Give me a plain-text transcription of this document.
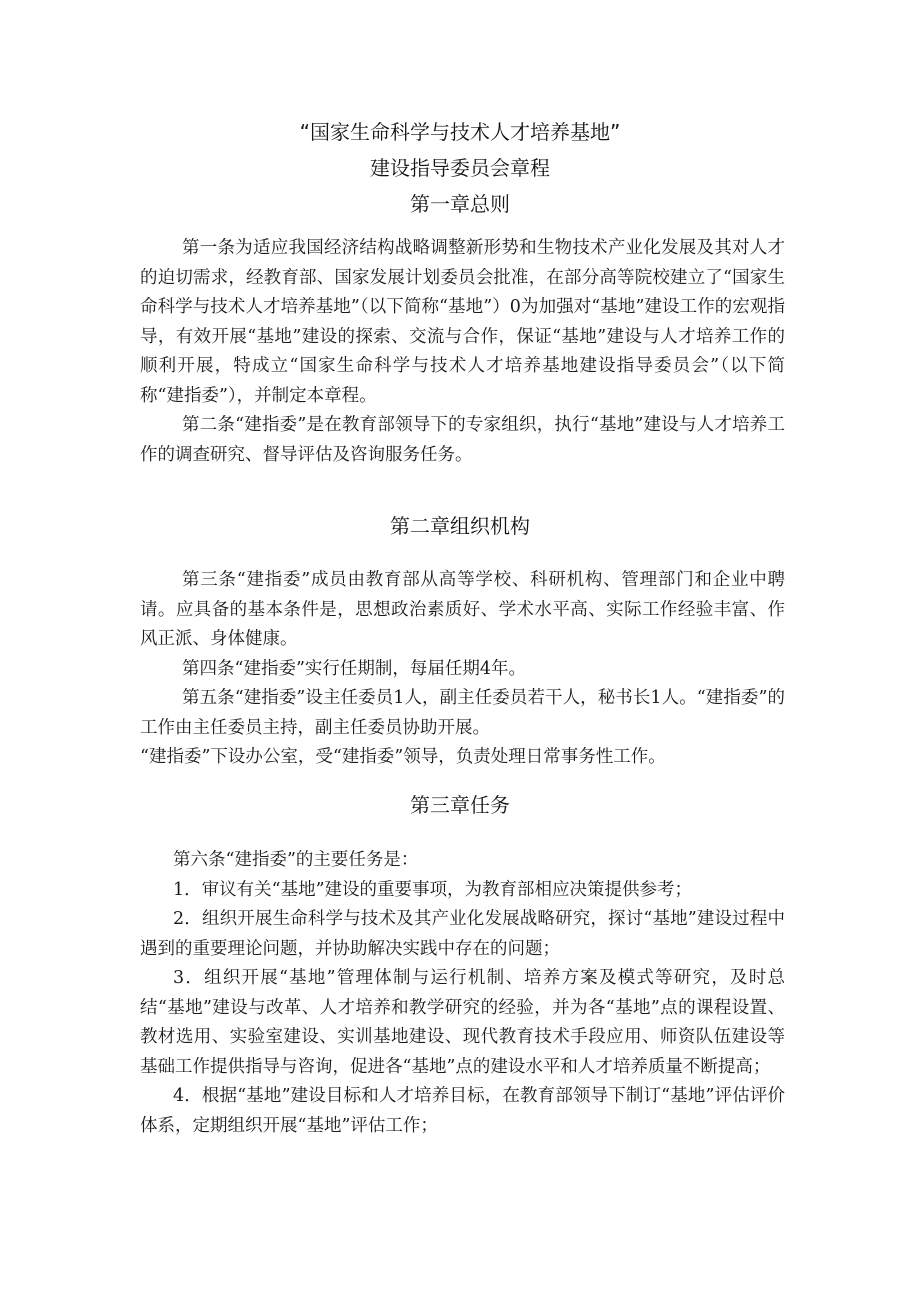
“国家生命科学与技术人才培养基地”
建设指导委员会章程
第一章总则

第一条为适应我国经济结构战略调整新形势和生物技术产业化发展及其对人才的迫切需求，经教育部、国家发展计划委员会批准，在部分高等院校建立了“国家生命科学与技术人才培养基地”（以下简称“基地”）0为加强对“基地”建设工作的宏观指导，有效开展“基地”建设的探索、交流与合作，保证“基地”建设与人才培养工作的顺利开展，特成立“国家生命科学与技术人才培养基地建设指导委员会”（以下简称“建指委”），并制定本章程。

第二条“建指委”是在教育部领导下的专家组织，执行“基地”建设与人才培养工作的调查研究、督导评估及咨询服务任务。

第二章组织机构

第三条“建指委”成员由教育部从高等学校、科研机构、管理部门和企业中聘请。应具备的基本条件是，思想政治素质好、学术水平高、实际工作经验丰富、作风正派、身体健康。

第四条“建指委”实行任期制，每届任期4年。

第五条“建指委”设主任委员1人，副主任委员若干人，秘书长1人。“建指委”的工作由主任委员主持，副主任委员协助开展。

“建指委”下设办公室，受“建指委”领导，负责处理日常事务性工作。

第三章任务

第六条“建指委”的主要任务是：

1．审议有关“基地”建设的重要事项，为教育部相应决策提供参考；

2．组织开展生命科学与技术及其产业化发展战略研究，探讨“基地”建设过程中遇到的重要理论问题，并协助解决实践中存在的问题；

3．组织开展“基地”管理体制与运行机制、培养方案及模式等研究，及时总结“基地”建设与改革、人才培养和教学研究的经验，并为各“基地”点的课程设置、教材选用、实验室建设、实训基地建设、现代教育技术手段应用、师资队伍建设等基础工作提供指导与咨询，促进各“基地”点的建设水平和人才培养质量不断提高；

4．根据“基地”建设目标和人才培养目标，在教育部领导下制订“基地”评估评价体系，定期组织开展“基地”评估工作；
